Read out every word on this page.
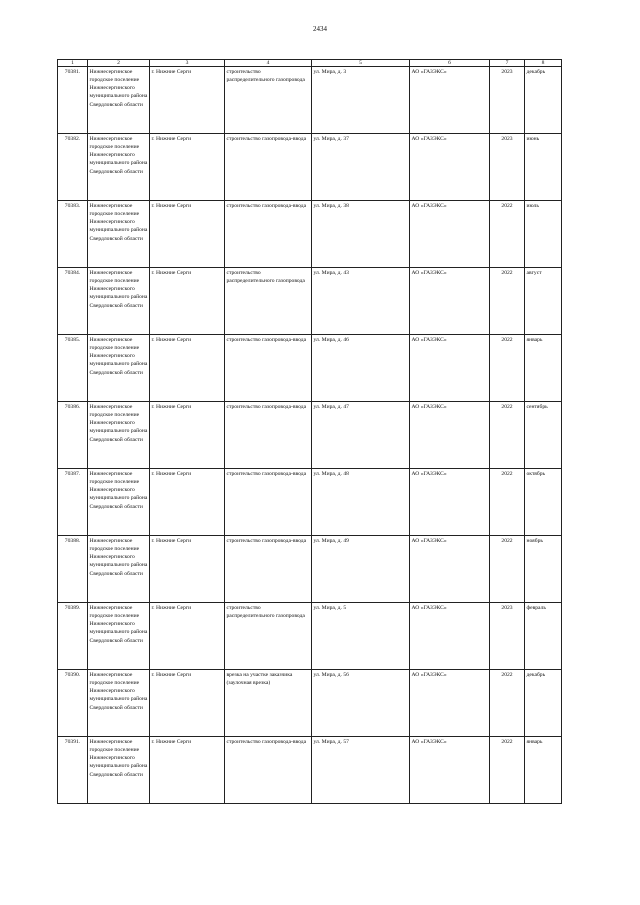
2434
1	2	3	4	5	6	7	8
70381.	Нижнесергинское городское поселение Нижнесергинского муниципального района Свердловской области	г. Нижние Серги	строительство распределительного газопровода	ул. Мира, д. 3	АО «ГАЗЭКС»	2023	декабрь
70382.	Нижнесергинское городское поселение Нижнесергинского муниципального района Свердловской области	г. Нижние Серги	строительство газопровода-ввода	ул. Мира, д. 37	АО «ГАЗЭКС»	2023	июнь
70383.	Нижнесергинское городское поселение Нижнесергинского муниципального района Свердловской области	г. Нижние Серги	строительство газопровода-ввода	ул. Мира, д. 38	АО «ГАЗЭКС»	2022	июль
70384.	Нижнесергинское городское поселение Нижнесергинского муниципального района Свердловской области	г. Нижние Серги	строительство распределительного газопровода	ул. Мира, д. 43	АО «ГАЗЭКС»	2022	август
70385.	Нижнесергинское городское поселение Нижнесергинского муниципального района Свердловской области	г. Нижние Серги	строительство газопровода-ввода	ул. Мира, д. 46	АО «ГАЗЭКС»	2022	январь
70386.	Нижнесергинское городское поселение Нижнесергинского муниципального района Свердловской области	г. Нижние Серги	строительство газопровода-ввода	ул. Мира, д. 47	АО «ГАЗЭКС»	2022	сентябрь
70387.	Нижнесергинское городское поселение Нижнесергинского муниципального района Свердловской области	г. Нижние Серги	строительство газопровода-ввода	ул. Мира, д. 48	АО «ГАЗЭКС»	2022	октябрь
70388.	Нижнесергинское городское поселение Нижнесергинского муниципального района Свердловской области	г. Нижние Серги	строительство газопровода-ввода	ул. Мира, д. 49	АО «ГАЗЭКС»	2022	ноябрь
70389.	Нижнесергинское городское поселение Нижнесергинского муниципального района Свердловской области	г. Нижние Серги	строительство распределительного газопровода	ул. Мира, д. 5	АО «ГАЗЭКС»	2023	февраль
70390.	Нижнесергинское городское поселение Нижнесергинского муниципального района Свердловской области	г. Нижние Серги	врезка на участке заказчика (заулочная врезка)	ул. Мира, д. 56	АО «ГАЗЭКС»	2022	декабрь
70391.	Нижнесергинское городское поселение Нижнесергинского муниципального района Свердловской области	г. Нижние Серги	строительство газопровода-ввода	ул. Мира, д. 57	АО «ГАЗЭКС»	2022	январь
